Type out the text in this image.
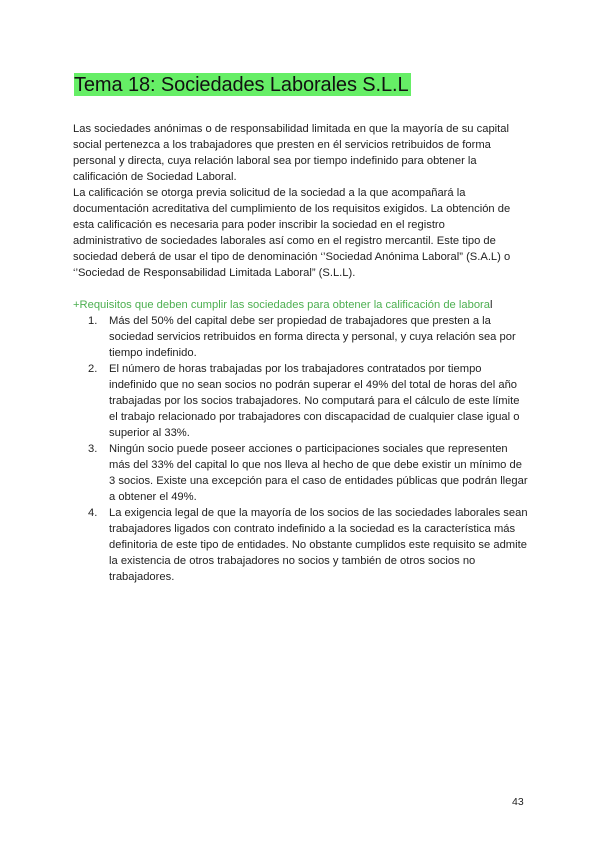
Tema 18: Sociedades Laborales S.L.L

Las sociedades anónimas o de responsabilidad limitada en que la mayoría de su capital social pertenezca a los trabajadores que presten en él servicios retribuidos de forma personal y directa, cuya relación laboral sea por tiempo indefinido para obtener la calificación de Sociedad Laboral.

La calificación se otorga previa solicitud de la sociedad a la que acompañará la documentación acreditativa del cumplimiento de los requisitos exigidos. La obtención de esta calificación es necesaria para poder inscribir la sociedad en el registro administrativo de sociedades laborales así como en el registro mercantil. Este tipo de sociedad deberá de usar el tipo de denominación ‘’Sociedad Anónima Laboral” (S.A.L) o ‘’Sociedad de Responsabilidad Limitada Laboral” (S.L.L).

+Requisitos que deben cumplir las sociedades para obtener la calificación de laboral
1.	Más del 50% del capital debe ser propiedad de trabajadores que presten a la sociedad servicios retribuidos en forma directa y personal, y cuya relación sea por tiempo indefinido.
2.	El número de horas trabajadas por los trabajadores contratados por tiempo indefinido que no sean socios no podrán superar el 49% del total de horas del año trabajadas por los socios trabajadores. No computará para el cálculo de este límite el trabajo relacionado por trabajadores con discapacidad de cualquier clase igual o superior al 33%.
3.	Ningún socio puede poseer acciones o participaciones sociales que representen más del 33% del capital lo que nos lleva al hecho de que debe existir un mínimo de 3 socios. Existe una excepción para el caso de entidades públicas que podrán llegar a obtener el 49%.
4.	La exigencia legal de que la mayoría de los socios de las sociedades laborales sean trabajadores ligados con contrato indefinido a la sociedad es la característica más definitoria de este tipo de entidades. No obstante cumplidos este requisito se admite la existencia de otros trabajadores no socios y también de otros socios no trabajadores.
43
